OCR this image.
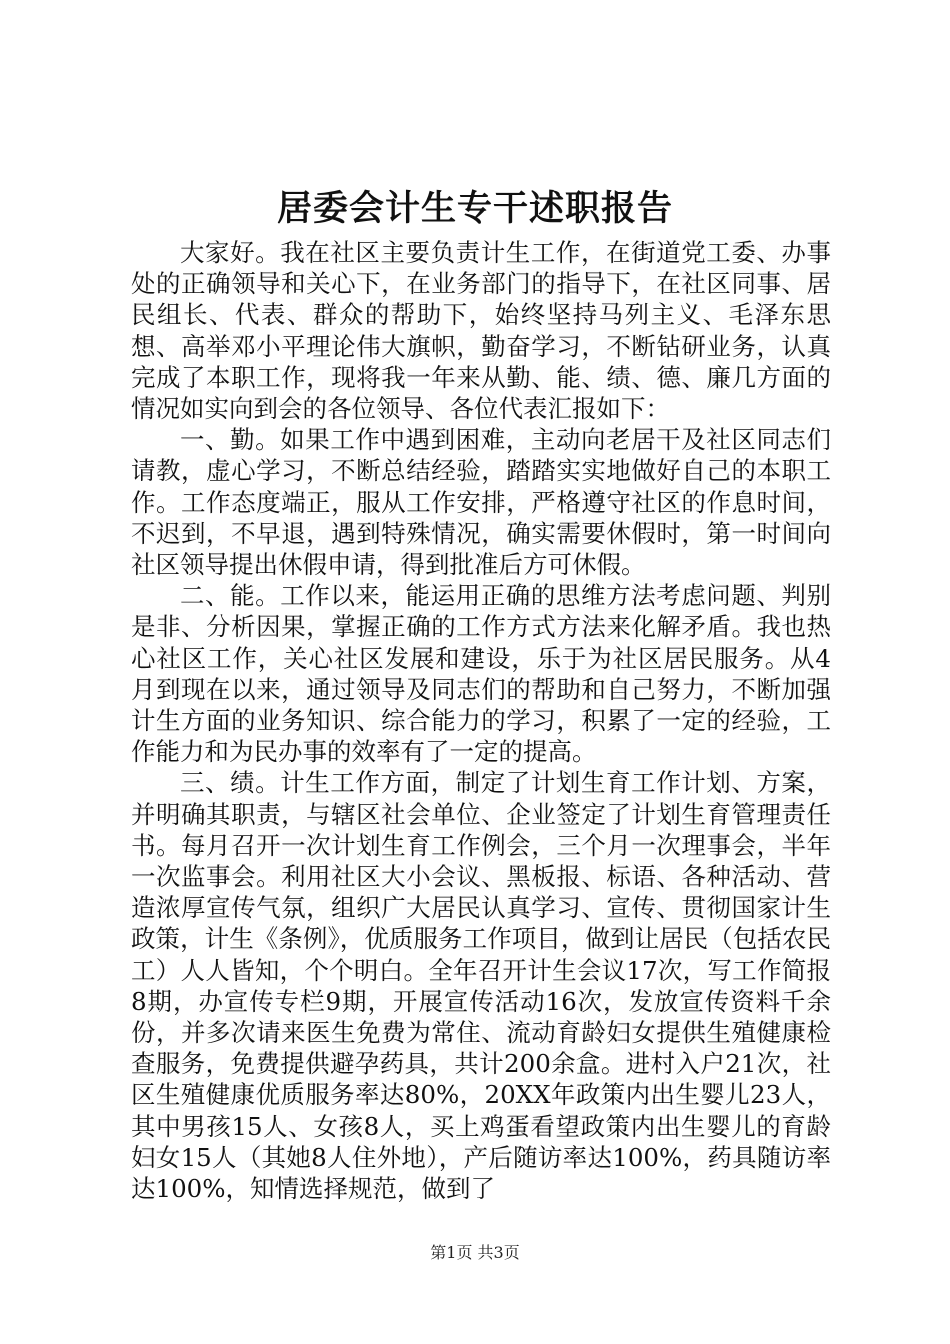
居委会计生专干述职报告

大家好。我在社区主要负责计生工作，在街道党工委、办事处的正确领导和关心下，在业务部门的指导下，在社区同事、居民组长、代表、群众的帮助下，始终坚持马列主义、毛泽东思想、高举邓小平理论伟大旗帜，勤奋学习，不断钻研业务，认真完成了本职工作，现将我一年来从勤、能、绩、德、廉几方面的情况如实向到会的各位领导、各位代表汇报如下：

一、勤。如果工作中遇到困难，主动向老居干及社区同志们请教，虚心学习，不断总结经验，踏踏实实地做好自己的本职工作。工作态度端正，服从工作安排，严格遵守社区的作息时间，不迟到，不早退，遇到特殊情况，确实需要休假时，第一时间向社区领导提出休假申请，得到批准后方可休假。

二、能。工作以来，能运用正确的思维方法考虑问题、判别是非、分析因果，掌握正确的工作方式方法来化解矛盾。我也热心社区工作，关心社区发展和建设，乐于为社区居民服务。从4月到现在以来，通过领导及同志们的帮助和自己努力，不断加强计生方面的业务知识、综合能力的学习，积累了一定的经验，工作能力和为民办事的效率有了一定的提高。

三、绩。计生工作方面，制定了计划生育工作计划、方案，并明确其职责，与辖区社会单位、企业签定了计划生育管理责任书。每月召开一次计划生育工作例会，三个月一次理事会，半年一次监事会。利用社区大小会议、黑板报、标语、各种活动、营造浓厚宣传气氛，组织广大居民认真学习、宣传、贯彻国家计生政策，计生《条例》，优质服务工作项目，做到让居民（包括农民工）人人皆知，个个明白。全年召开计生会议17次，写工作简报8期，办宣传专栏9期，开展宣传活动16次，发放宣传资料千余份，并多次请来医生免费为常住、流动育龄妇女提供生殖健康检查服务，免费提供避孕药具，共计200余盒。进村入户21次，社区生殖健康优质服务率达80%，20XX年政策内出生婴儿23人，其中男孩15人、女孩8人，买上鸡蛋看望政策内出生婴儿的育龄妇女15人（其她8人住外地），产后随访率达100%，药具随访率达100%，知情选择规范，做到了

第1页 共3页
